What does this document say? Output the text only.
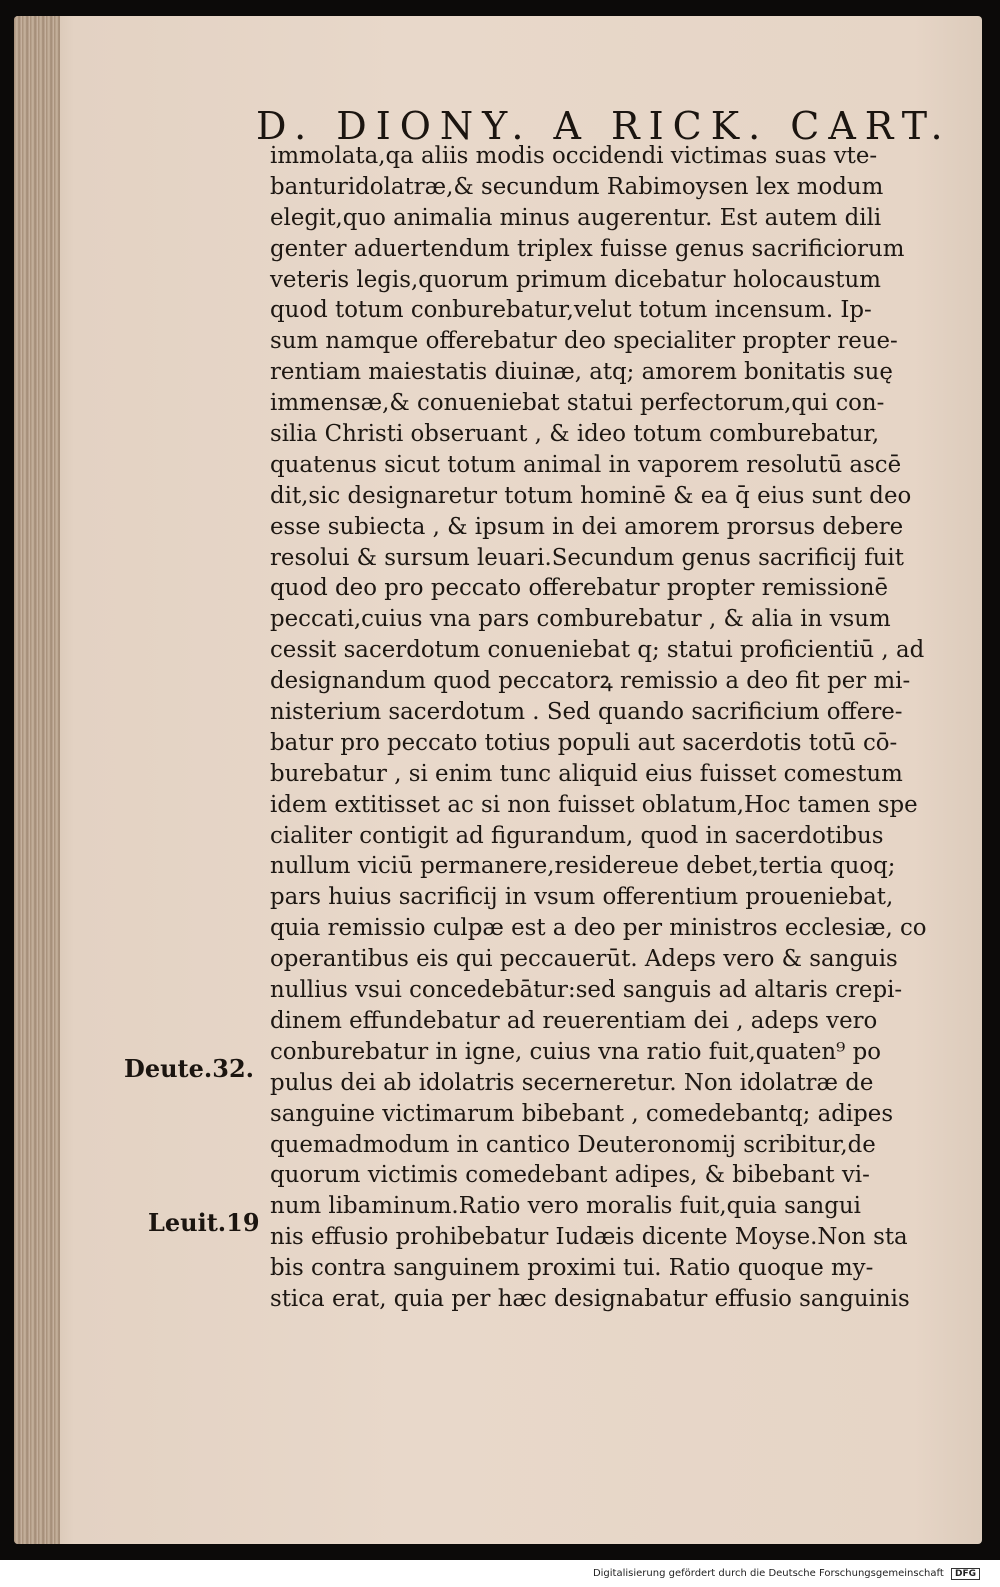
D. DIONY. A RICK. CART.
immolata,qa aliis modis occidendi victimas suas vte-
banturidolatræ,& secundum Rabimoysen lex modum
elegit,quo animalia minus augerentur. Est autem dili
genter aduertendum triplex fuisse genus sacrificiorum
veteris legis,quorum primum dicebatur holocaustum
quod totum conburebatur,velut totum incensum. Ip-
sum namque offerebatur deo specialiter propter reue-
rentiam maiestatis diuinæ, atq; amorem bonitatis suę
immensæ,& conueniebat statui perfectorum,qui con-
silia Christi obseruant , & ideo totum comburebatur,
quatenus sicut totum animal in vaporem resolutū ascē
dit,sic designaretur totum hominē & ea q̄ eius sunt deo
esse subiecta , & ipsum in dei amorem prorsus debere
resolui & sursum leuari.Secundum genus sacrificij fuit
quod deo pro peccato offerebatur propter remissionē
peccati,cuius vna pars comburebatur , & alia in vsum
cessit sacerdotum conueniebat q; statui proficientiū , ad
designandum quod peccatorꝝ remissio a deo fit per mi-
nisterium sacerdotum . Sed quando sacrificium offere-
batur pro peccato totius populi aut sacerdotis totū cō-
burebatur , si enim tunc aliquid eius fuisset comestum
idem extitisset ac si non fuisset oblatum,Hoc tamen spe
cialiter contigit ad figurandum, quod in sacerdotibus
nullum viciū permanere,residereue debet,tertia quoq;
pars huius sacrificij in vsum offerentium proueniebat,
quia remissio culpæ est a deo per ministros ecclesiæ, co
operantibus eis qui peccauerūt. Adeps vero & sanguis
nullius vsui concedebātur:sed sanguis ad altaris crepi-
dinem effundebatur ad reuerentiam dei , adeps vero
conburebatur in igne, cuius vna ratio fuit,quaten⁹ po
pulus dei ab idolatris secerneretur. Non idolatræ de
sanguine victimarum bibebant , comedebantq; adipes
quemadmodum in cantico Deuteronomij scribitur,de
quorum victimis comedebant adipes, & bibebant vi-
num libaminum.Ratio vero moralis fuit,quia sangui
nis effusio prohibebatur Iudæis dicente Moyse.Non sta
bis contra sanguinem proximi tui. Ratio quoque my-
stica erat, quia per hæc designabatur effusio sanguinis
Deute.32.
Leuit.19
Digitalisierung gefördert durch die Deutsche Forschungsgemeinschaft DFG
